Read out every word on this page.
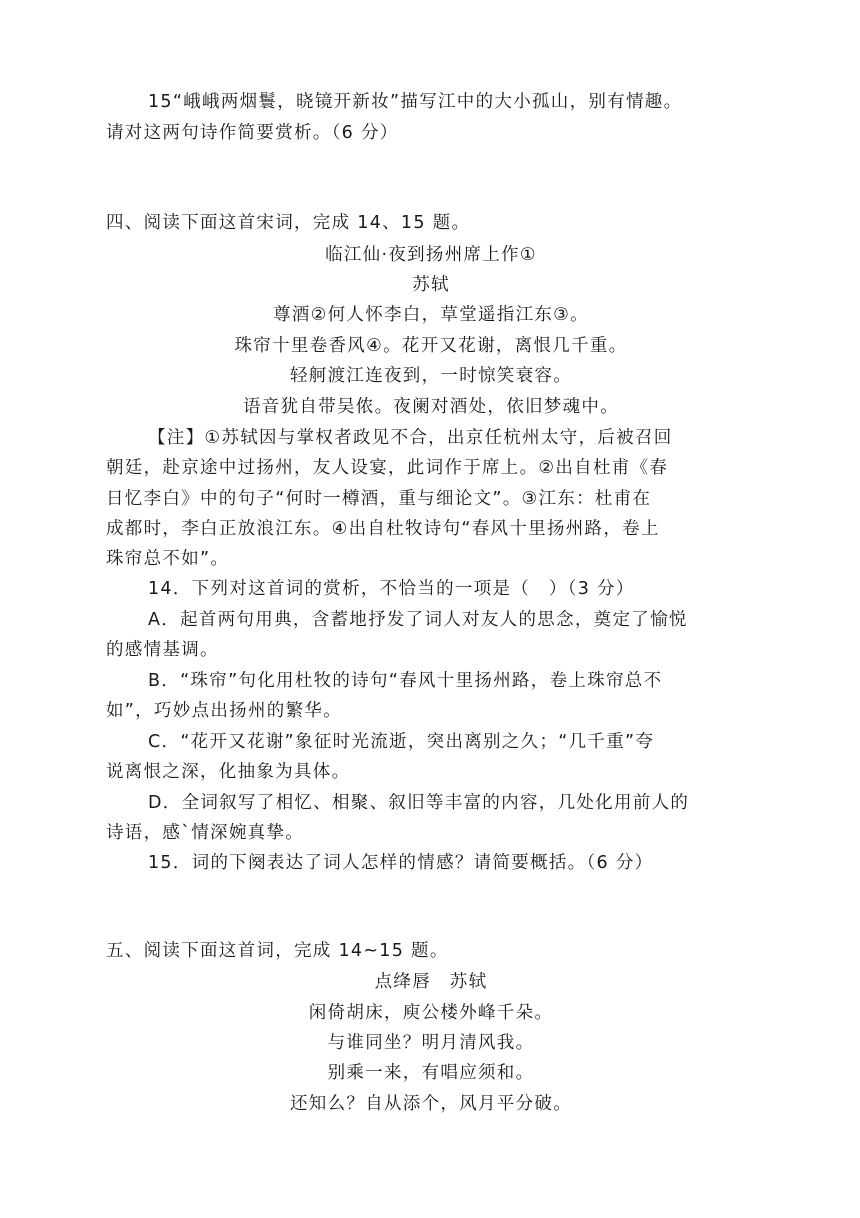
15“峨峨两烟鬟，晓镜开新妆”描写江中的大小孤山，别有情趣。
请对这两句诗作简要赏析。（6 分）
四、阅读下面这首宋词，完成 14、15 题。
临江仙·夜到扬州席上作①
苏轼
尊酒②何人怀李白，草堂遥指江东③。
珠帘十里卷香风④。花开又花谢，离恨几千重。
轻舸渡江连夜到，一时惊笑衰容。
语音犹自带吴侬。夜阑对酒处，依旧梦魂中。
【注】①苏轼因与掌权者政见不合，出京任杭州太守，后被召回
朝廷，赴京途中过扬州，友人设宴，此词作于席上。②出自杜甫《春
日忆李白》中的句子“何时一樽酒，重与细论文”。③江东：杜甫在
成都时，李白正放浪江东。④出自杜牧诗句“春风十里扬州路，卷上
珠帘总不如”。
14．下列对这首词的赏析，不恰当的一项是（　）（3 分）
A．起首两句用典，含蓄地抒发了词人对友人的思念，奠定了愉悦
的感情基调。
B．“珠帘”句化用杜牧的诗句“春风十里扬州路，卷上珠帘总不
如”，巧妙点出扬州的繁华。
C．“花开又花谢”象征时光流逝，突出离别之久；“几千重”夸
说离恨之深，化抽象为具体。
D．全词叙写了相忆、相聚、叙旧等丰富的内容，几处化用前人的
诗语，感`情深婉真挚。
15．词的下阕表达了词人怎样的情感？请简要概括。（6 分）
五、阅读下面这首词，完成 14~15 题。
点绛唇　苏轼
闲倚胡床，庾公楼外峰千朵。
与谁同坐？明月清风我。
别乘一来，有唱应须和。
还知么？自从添个，风月平分破。
